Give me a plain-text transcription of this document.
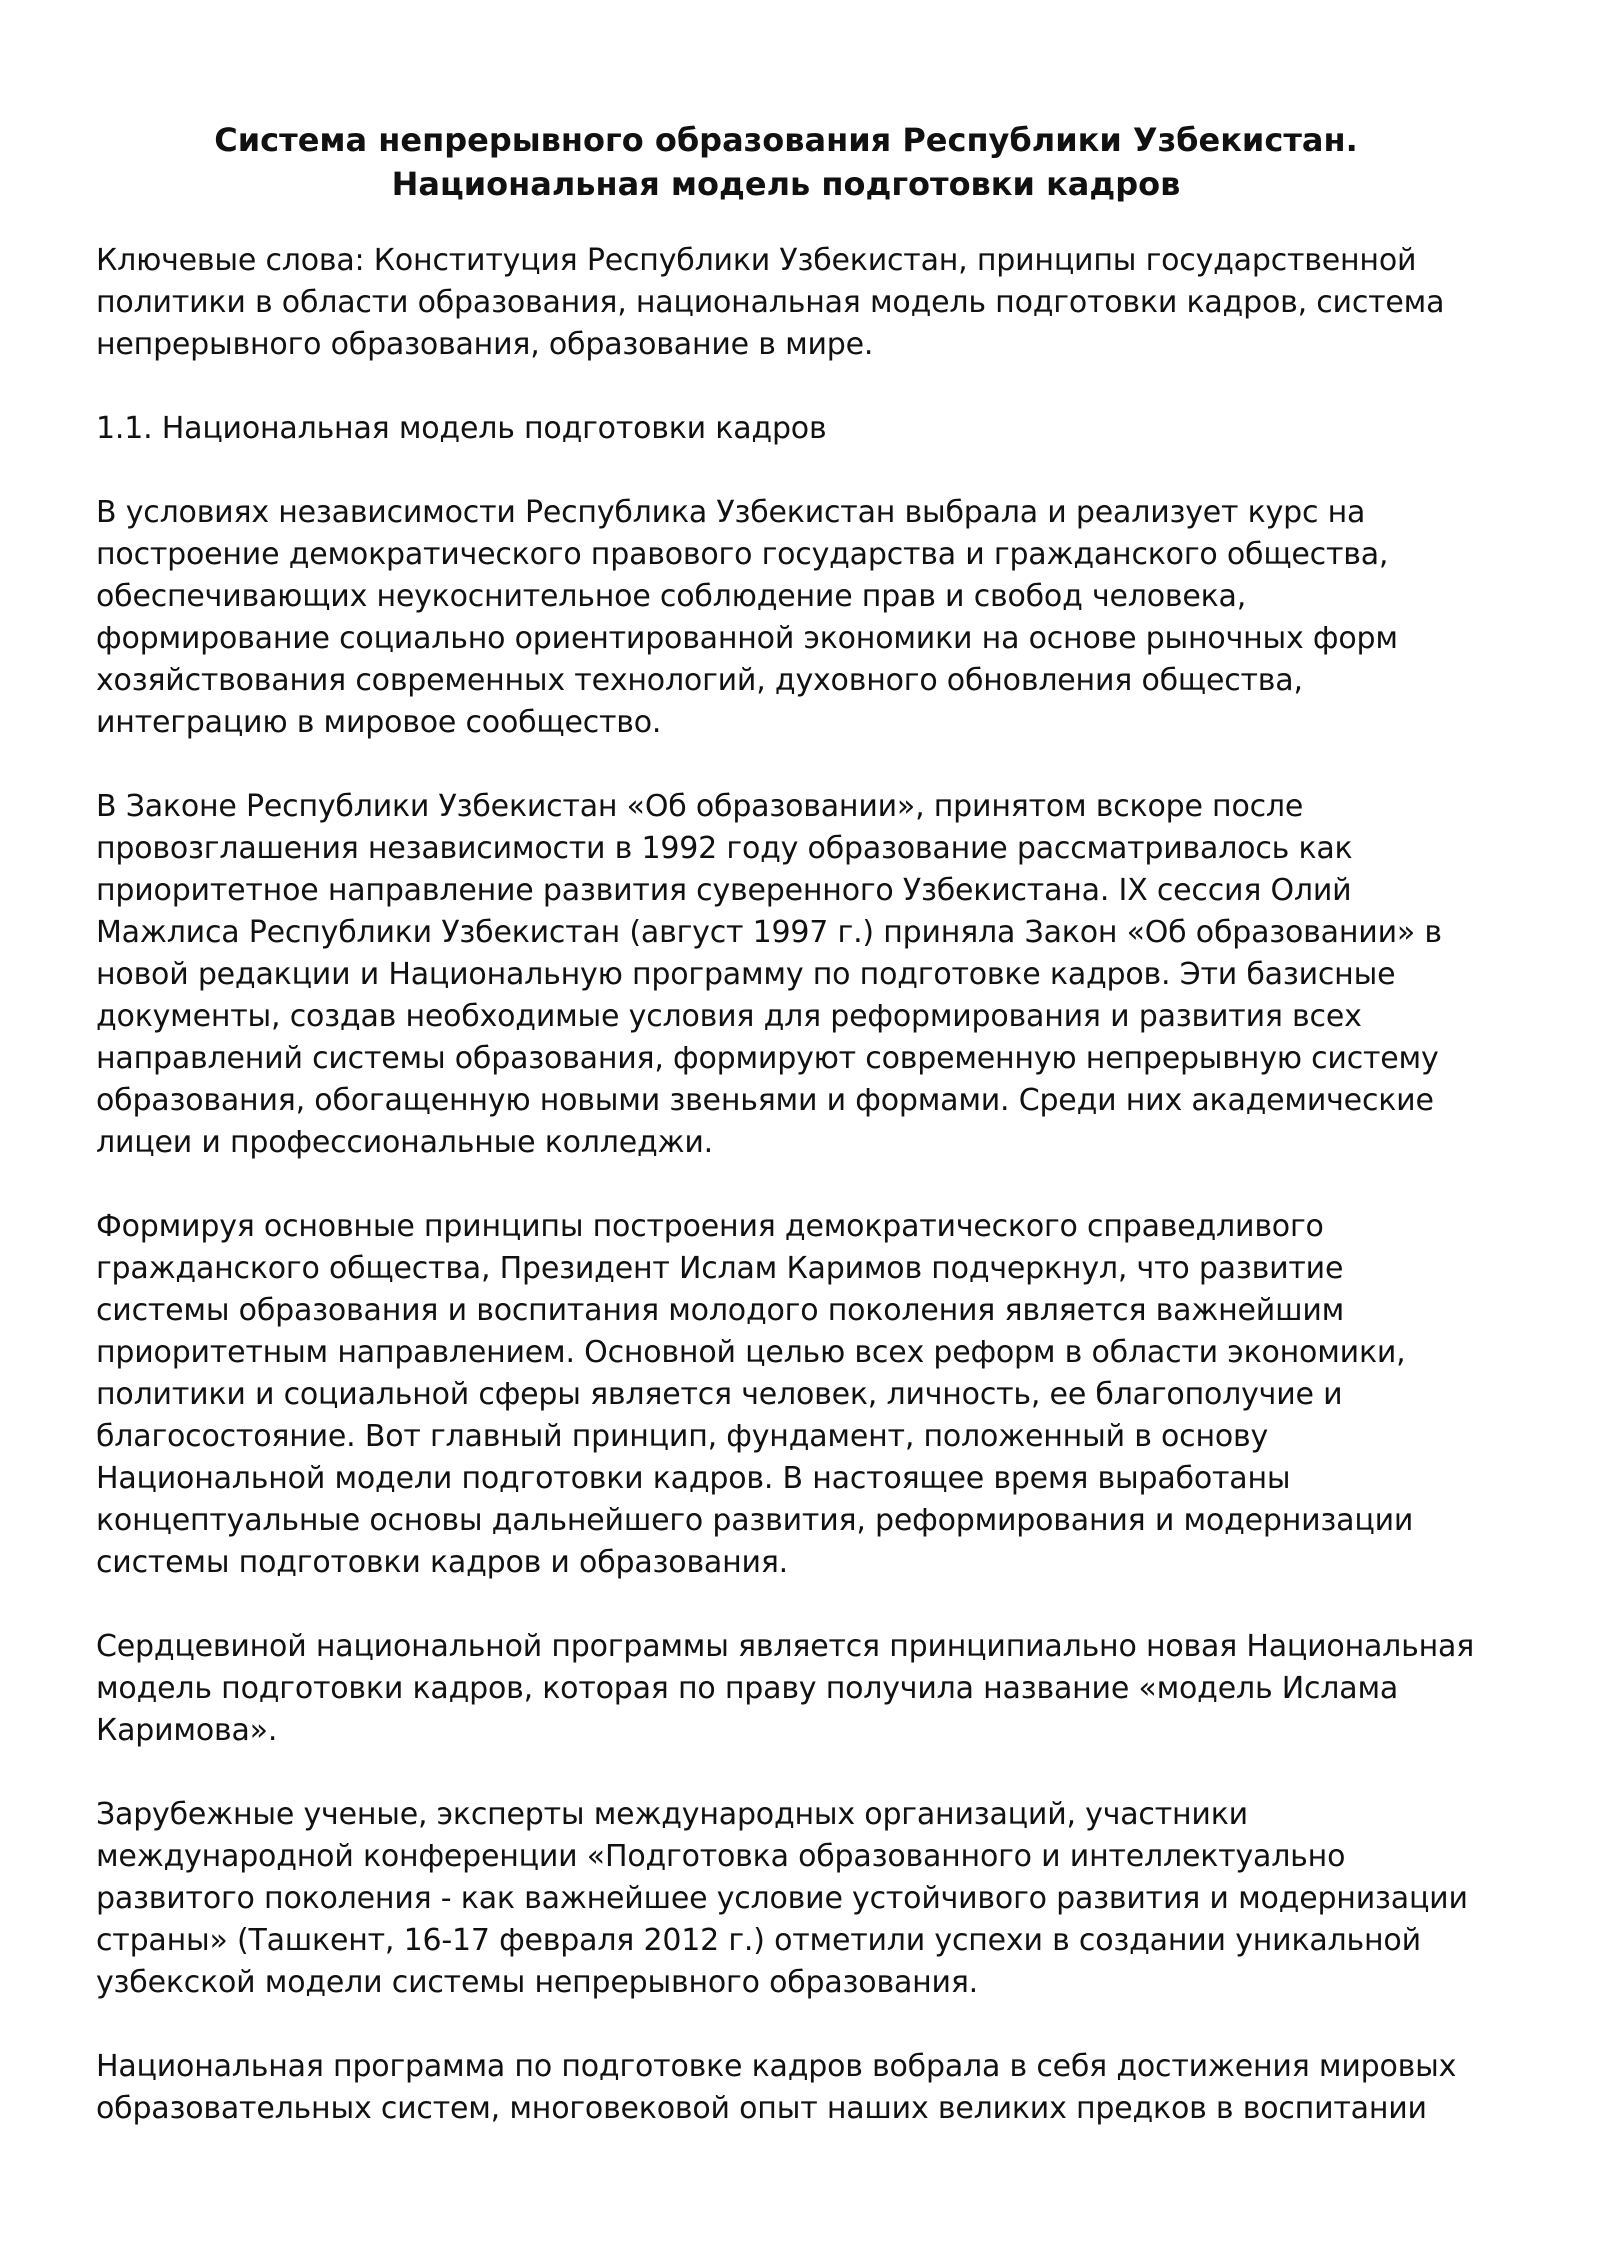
Система непрерывного образования Республики Узбекистан. Национальная модель подготовки кадров

Ключевые слова: Конституция Республики Узбекистан, принципы государственной политики в области образования, национальная модель подготовки кадров, система непрерывного образования, образование в мире.

1.1. Национальная модель подготовки кадров

В условиях независимости Республика Узбекистан выбрала и реализует курс на построение демократического правового государства и гражданского общества, обеспечивающих неукоснительное соблюдение прав и свобод человека, формирование социально ориентированной экономики на основе рыночных форм хозяйствования современных технологий, духовного обновления общества, интеграцию в мировое сообщество.

В Законе Республики Узбекистан «Об образовании», принятом вскоре после провозглашения независимости в 1992 году образование рассматривалось как приоритетное направление развития суверенного Узбекистана. IX сессия Олий Мажлиса Республики Узбекистан (август 1997 г.) приняла Закон «Об образовании» в новой редакции и Национальную программу по подготовке кадров. Эти базисные документы, создав необходимые условия для реформирования и развития всех направлений системы образования, формируют современную непрерывную систему образования, обогащенную новыми звеньями и формами. Среди них академические лицеи и профессиональные колледжи.

Формируя основные принципы построения демократического справедливого гражданского общества, Президент Ислам Каримов подчеркнул, что развитие системы образования и воспитания молодого поколения является важнейшим приоритетным направлением. Основной целью всех реформ в области экономики, политики и социальной сферы является человек, личность, ее благополучие и благосостояние. Вот главный принцип, фундамент, положенный в основу Национальной модели подготовки кадров. В настоящее время выработаны концептуальные основы дальнейшего развития, реформирования и модернизации системы подготовки кадров и образования.

Сердцевиной национальной программы является принципиально новая Национальная модель подготовки кадров, которая по праву получила название «модель Ислама Каримова».

Зарубежные ученые, эксперты международных организаций, участники международной конференции «Подготовка образованного и интеллектуально развитого поколения - как важнейшее условие устойчивого развития и модернизации страны» (Ташкент, 16-17 февраля 2012 г.) отметили успехи в создании уникальной узбекской модели системы непрерывного образования.

Национальная программа по подготовке кадров вобрала в себя достижения мировых образовательных систем, многовековой опыт наших великих предков в воспитании
